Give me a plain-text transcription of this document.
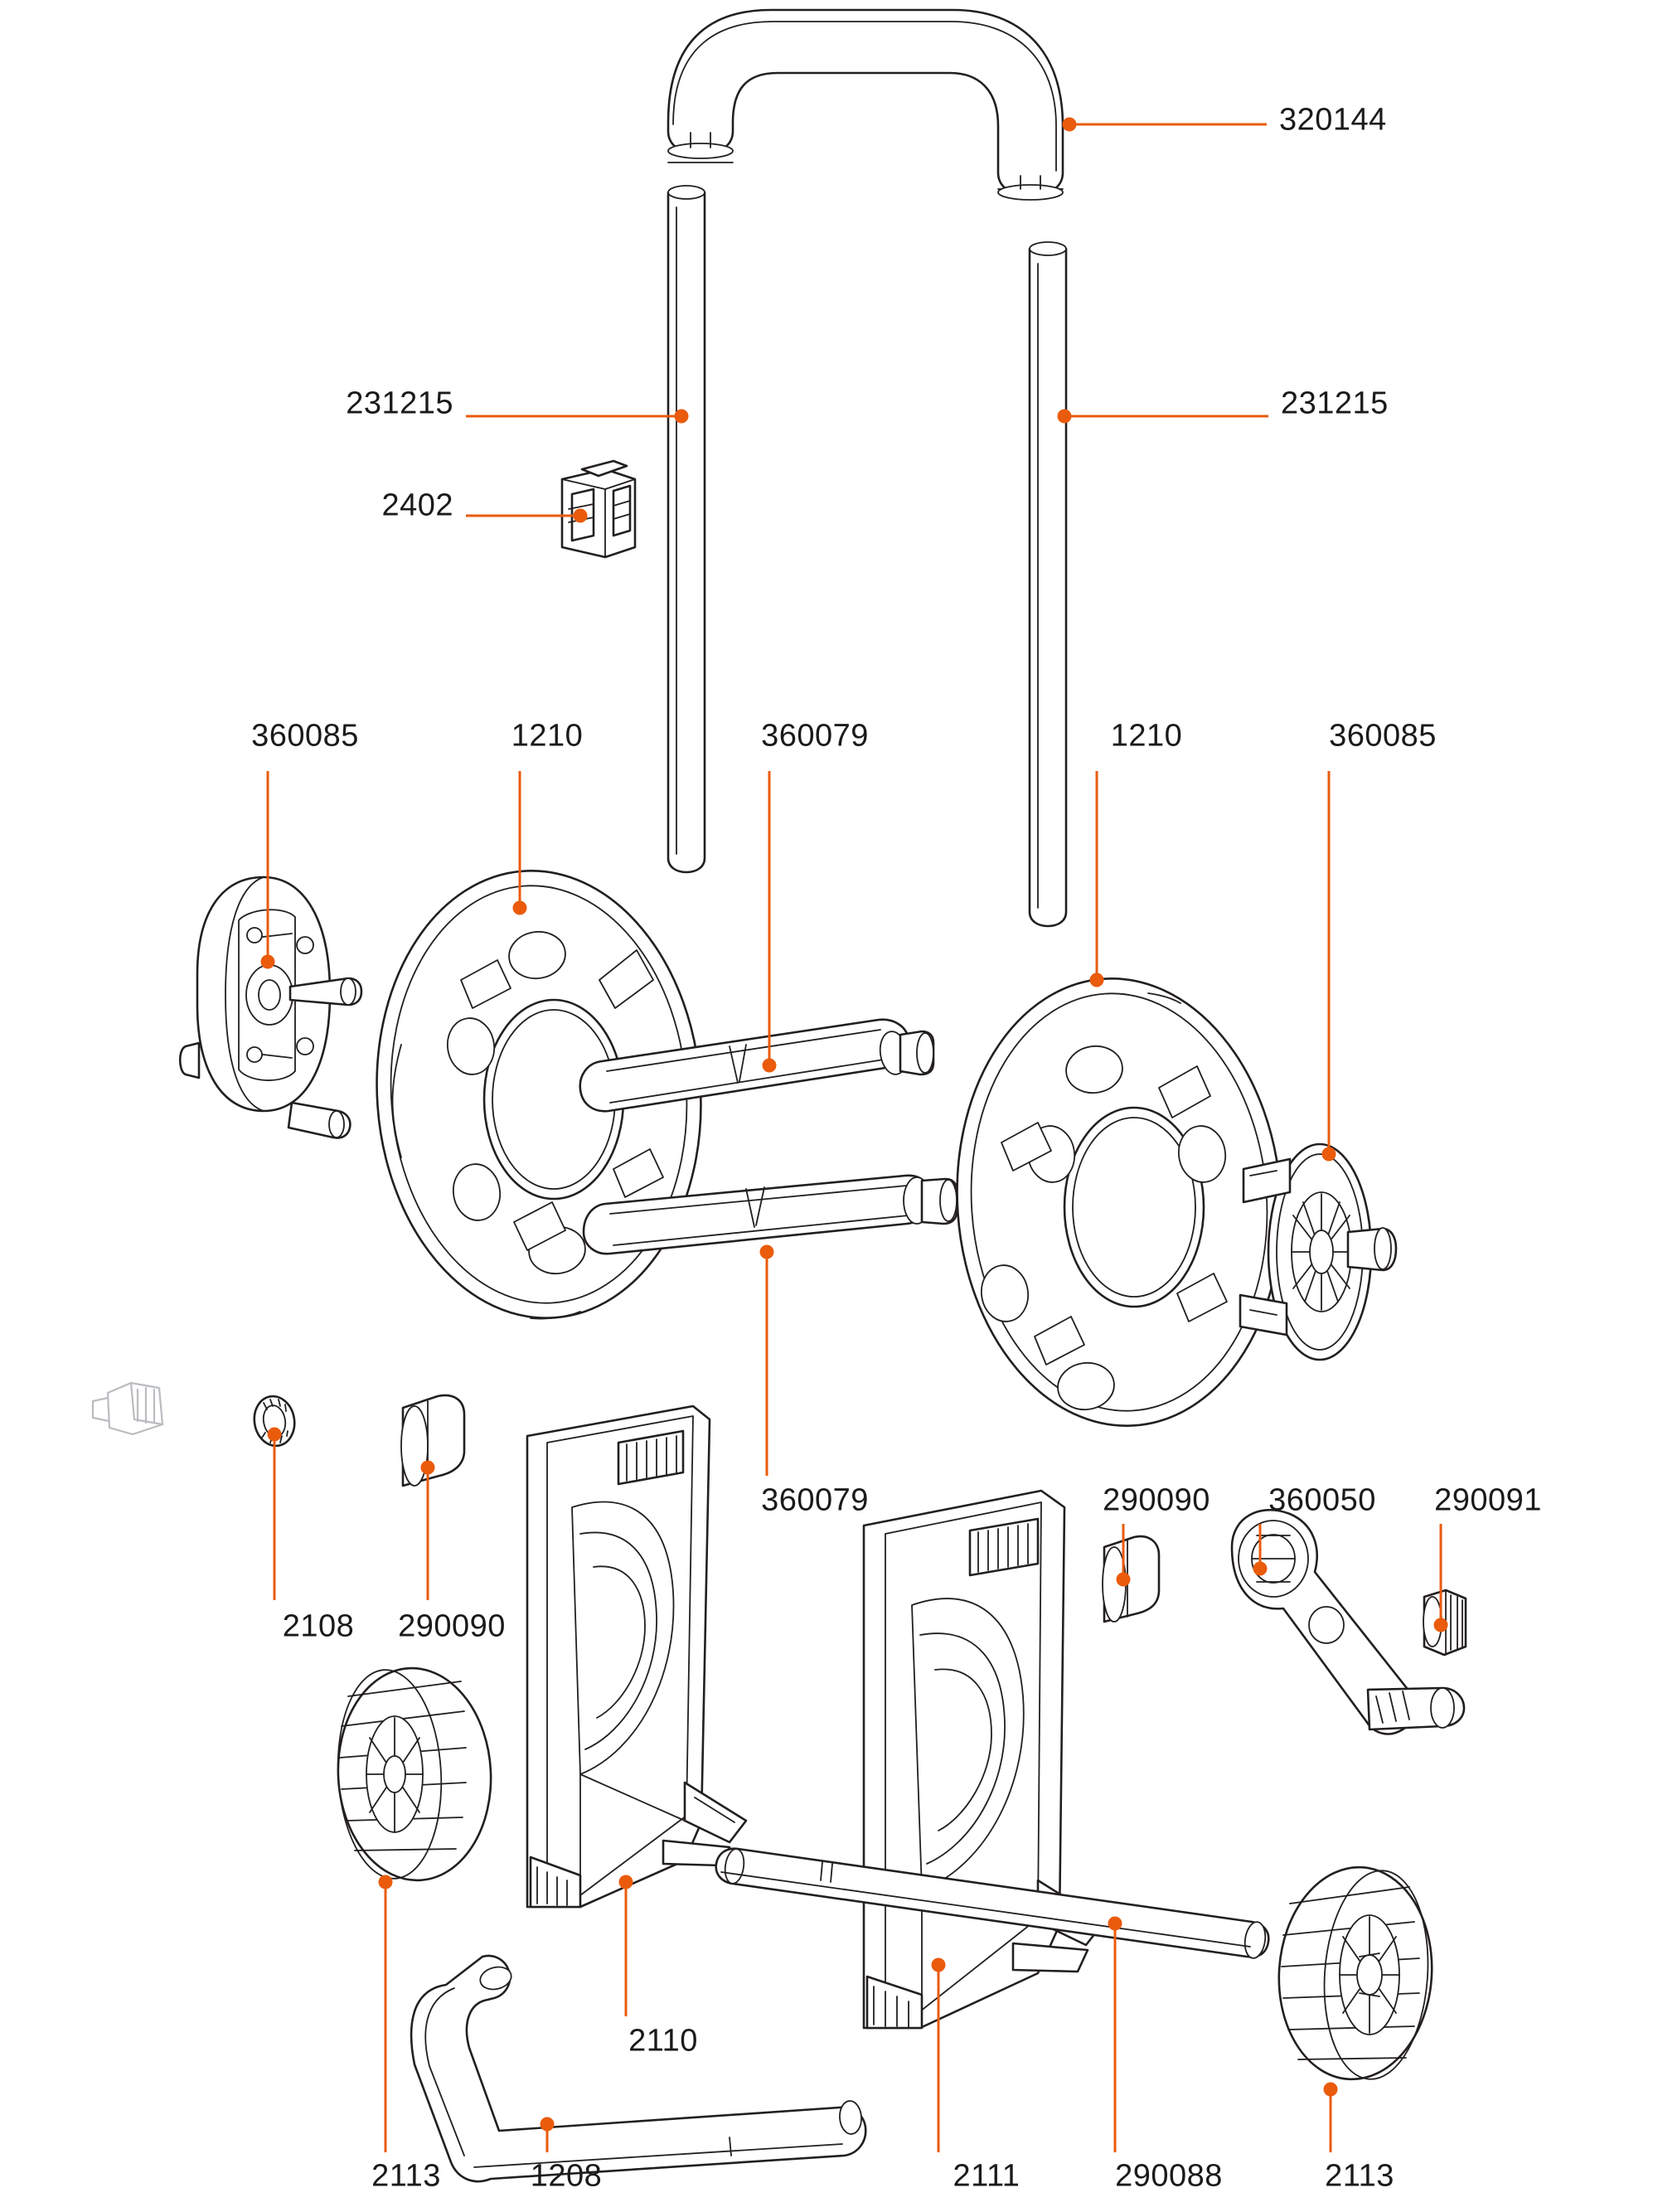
320144
231215	231215
2402
360085	1210	360079	1210	360085
360079
290090
2108
290090 360050 290091
2110
2113	1208	2111	290088	2113
